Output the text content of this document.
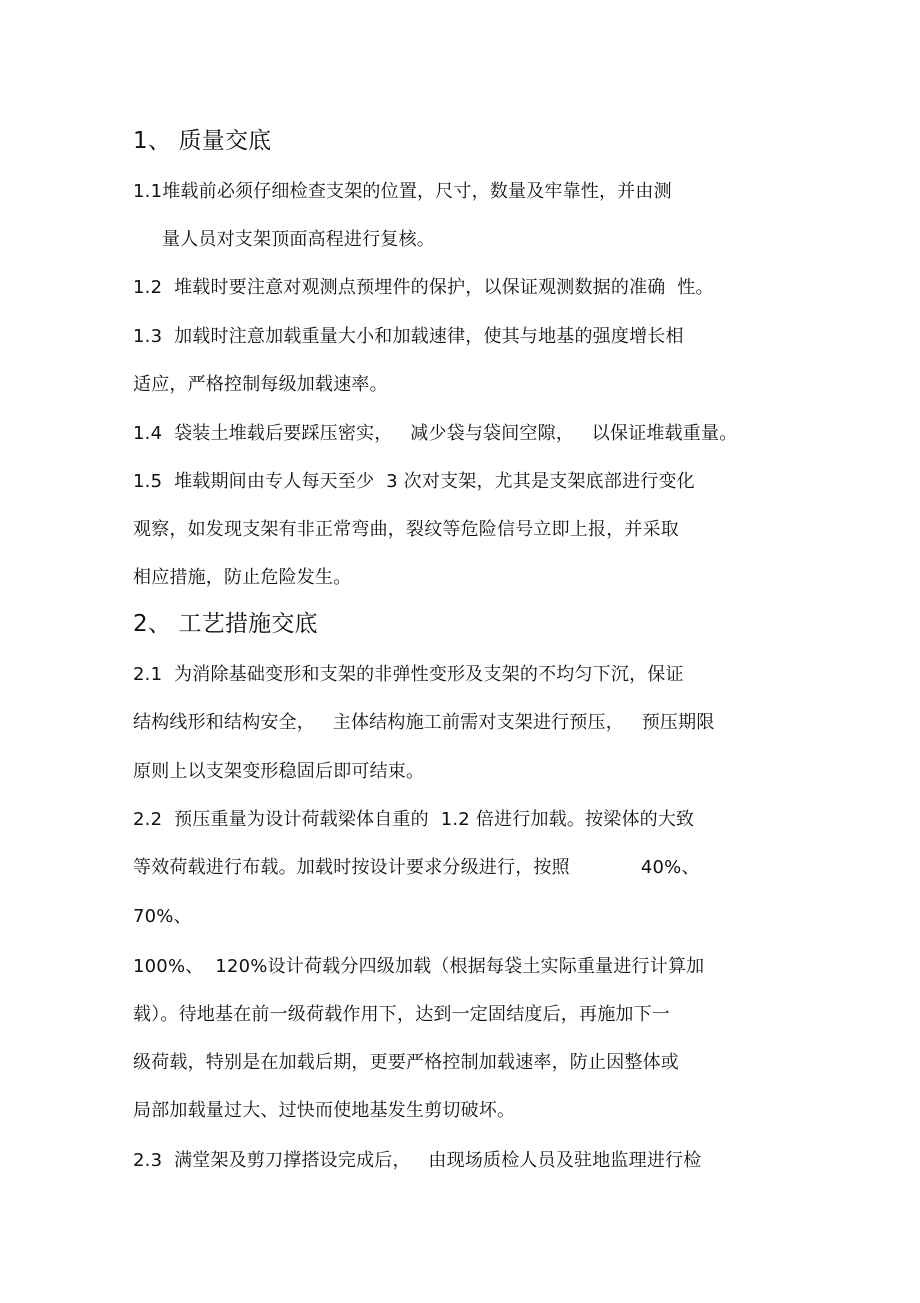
1、 质量交底
1.1堆载前必须仔细检查支架的位置，尺寸，数量及牢靠性，并由测
量人员对支架顶面高程进行复核。
1.2  堆载时要注意对观测点预埋件的保护，以保证观测数据的准确  性。
1.3  加载时注意加载重量大小和加载速律，使其与地基的强度增长相
适应，严格控制每级加载速率。
1.4  袋装土堆载后要踩压密实，   减少袋与袋间空隙，   以保证堆载重量。
1.5  堆载期间由专人每天至少  3 次对支架，尤其是支架底部进行变化
观察，如发现支架有非正常弯曲，裂纹等危险信号立即上报，并采取
相应措施，防止危险发生。
2、 工艺措施交底
2.1  为消除基础变形和支架的非弹性变形及支架的不均匀下沉，保证
结构线形和结构安全，   主体结构施工前需对支架进行预压，   预压期限
原则上以支架变形稳固后即可结束。
2.2  预压重量为设计荷载梁体自重的  1.2 倍进行加载。按梁体的大致
等效荷载进行布载。加载时按设计要求分级进行，按照            40%、
70%、
100%、  120%设计荷载分四级加载（根据每袋土实际重量进行计算加
载）。待地基在前一级荷载作用下，达到一定固结度后，再施加下一
级荷载，特别是在加载后期，更要严格控制加载速率，防止因整体或
局部加载量过大、过快而使地基发生剪切破坏。
2.3  满堂架及剪刀撑搭设完成后，   由现场质检人员及驻地监理进行检
